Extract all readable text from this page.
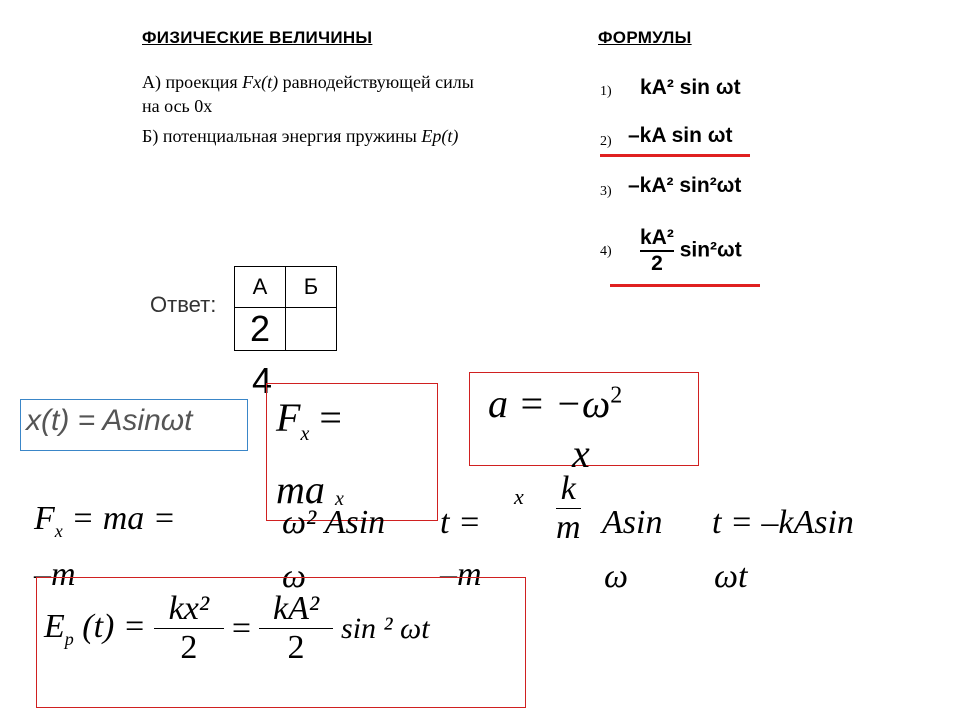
ФИЗИЧЕСКИЕ ВЕЛИЧИНЫ	ФОРМУЛЫ
А) проекция Fx(t) равнодействующей силы
на ось 0x
Б) потенциальная энергия пружины Ep(t)
1) kA² sin ωt
2) –kA sin ωt
3) –kA² sin²ωt
$4) \frac{\text{kA²}}{2} \sin^2\omega t$
Ответ:
А	Б
2	
4
x(t) = Asinωt $F_x$ =
ma
$a = -\omega^2$
x
$F_x$ = ma =
–m
x
ω² Asin
ω
t =
–m
x $\frac{k}{m}$ Asin
ω
t = –kAsin
ωt
$E_p$ $(t) = \frac{\text{kx²}}{2} = \frac{\text{kA²}}{2}$ sin ² ωt
